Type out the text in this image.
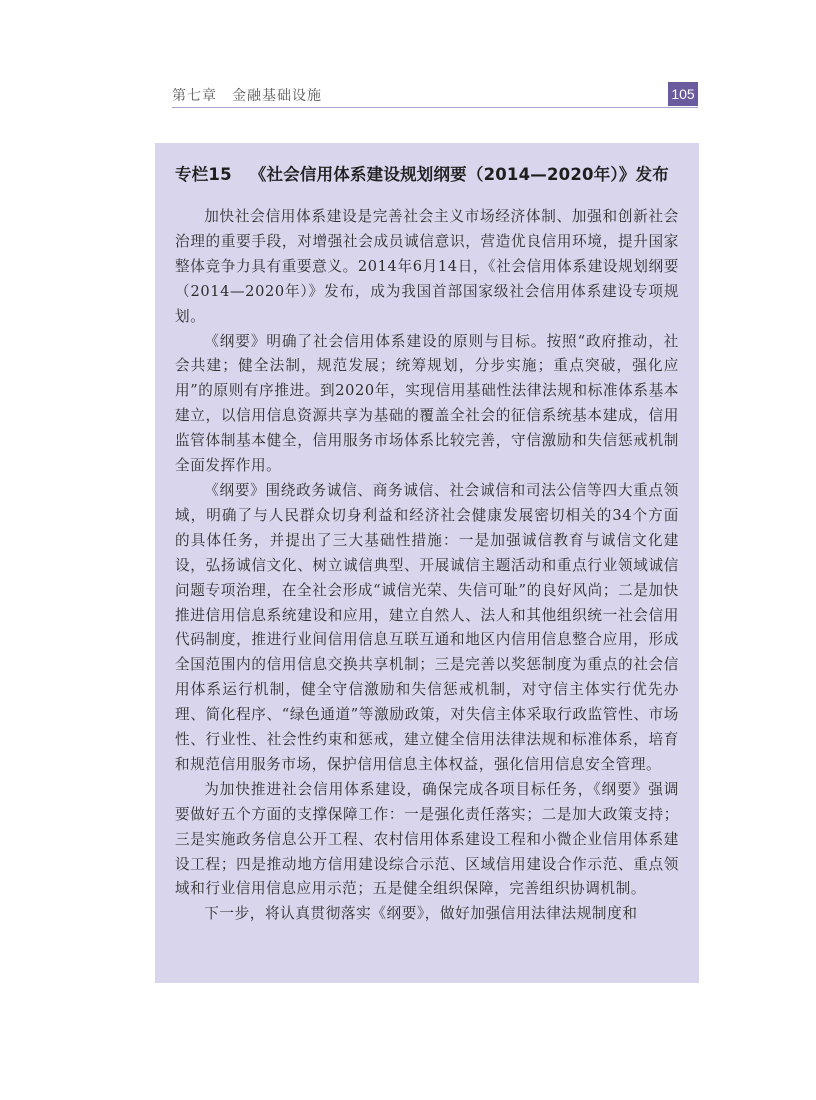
第七章　金融基础设施	105
专栏15 《社会信用体系建设规划纲要（2014—2020年）》发布

加快社会信用体系建设是完善社会主义市场经济体制、加强和创新社会治理的重要手段，对增强社会成员诚信意识，营造优良信用环境，提升国家整体竞争力具有重要意义。2014年6月14日，《社会信用体系建设规划纲要（2014—2020年）》发布，成为我国首部国家级社会信用体系建设专项规划。

《纲要》明确了社会信用体系建设的原则与目标。按照“政府推动，社会共建；健全法制，规范发展；统筹规划，分步实施；重点突破，强化应用”的原则有序推进。到2020年，实现信用基础性法律法规和标准体系基本建立，以信用信息资源共享为基础的覆盖全社会的征信系统基本建成，信用监管体制基本健全，信用服务市场体系比较完善，守信激励和失信惩戒机制全面发挥作用。

《纲要》围绕政务诚信、商务诚信、社会诚信和司法公信等四大重点领域，明确了与人民群众切身利益和经济社会健康发展密切相关的34个方面的具体任务，并提出了三大基础性措施：一是加强诚信教育与诚信文化建设，弘扬诚信文化、树立诚信典型、开展诚信主题活动和重点行业领域诚信问题专项治理，在全社会形成“诚信光荣、失信可耻”的良好风尚；二是加快推进信用信息系统建设和应用，建立自然人、法人和其他组织统一社会信用代码制度，推进行业间信用信息互联互通和地区内信用信息整合应用，形成全国范围内的信用信息交换共享机制；三是完善以奖惩制度为重点的社会信用体系运行机制，健全守信激励和失信惩戒机制，对守信主体实行优先办理、简化程序、“绿色通道”等激励政策，对失信主体采取行政监管性、市场性、行业性、社会性约束和惩戒，建立健全信用法律法规和标准体系，培育和规范信用服务市场，保护信用信息主体权益，强化信用信息安全管理。

为加快推进社会信用体系建设，确保完成各项目标任务，《纲要》强调要做好五个方面的支撑保障工作：一是强化责任落实；二是加大政策支持；三是实施政务信息公开工程、农村信用体系建设工程和小微企业信用体系建设工程；四是推动地方信用建设综合示范、区域信用建设合作示范、重点领域和行业信用信息应用示范；五是健全组织保障，完善组织协调机制。

下一步，将认真贯彻落实《纲要》，做好加强信用法律法规制度和
